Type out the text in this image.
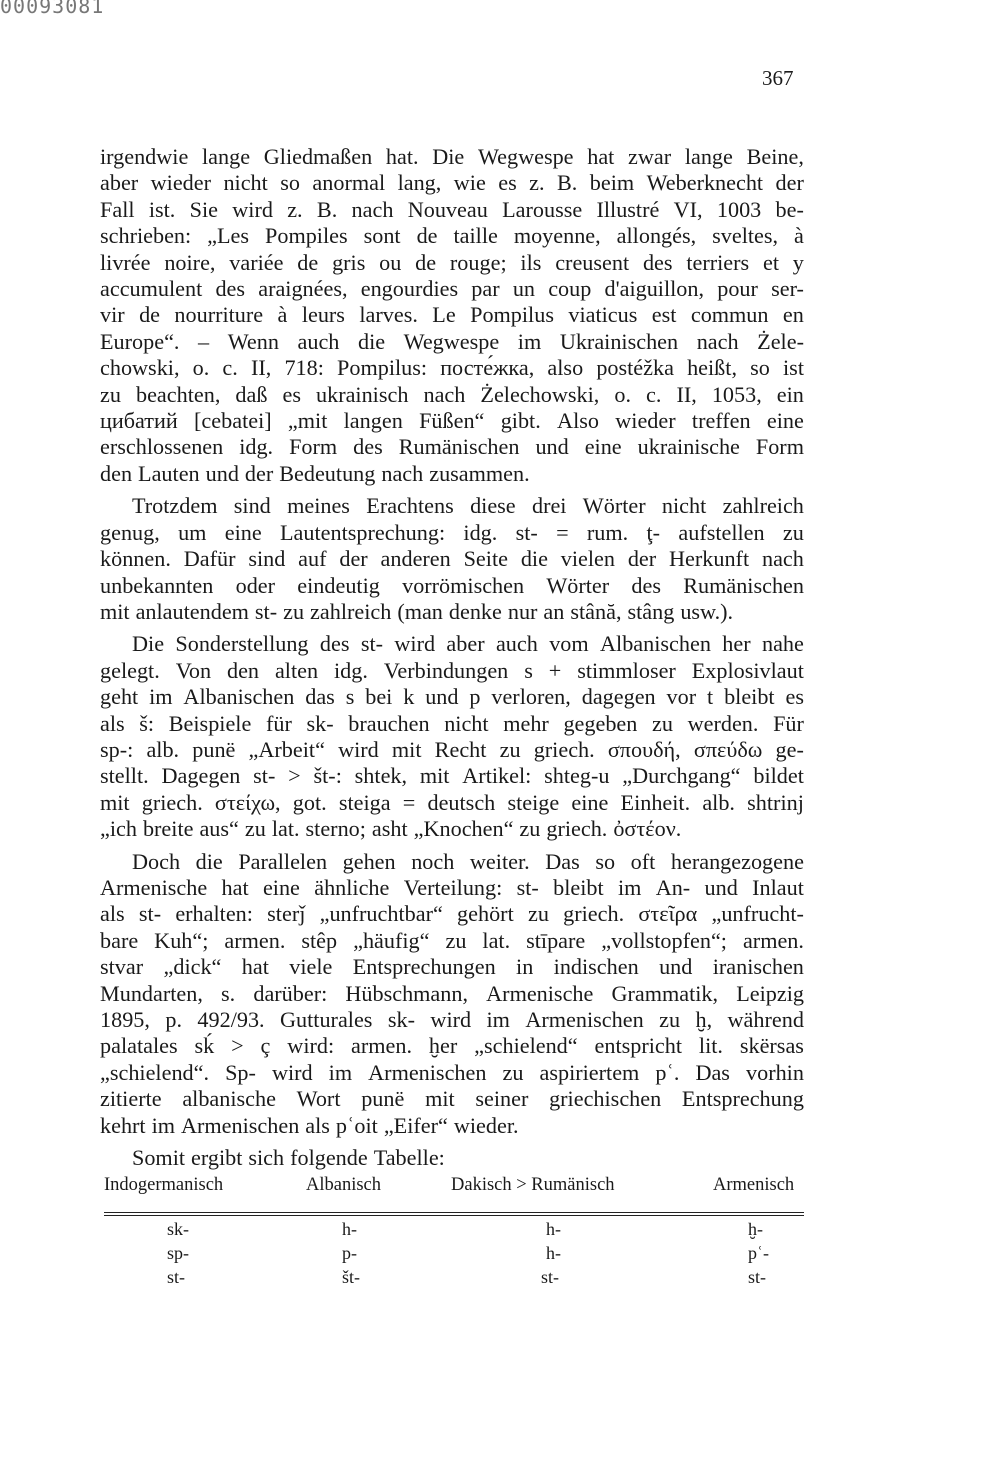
00093081
367
irgendwie lange Gliedmaßen hat. Die Wegwespe hat zwar lange Beine,
aber wieder nicht so anormal lang, wie es z. B. beim Weberknecht der
Fall ist. Sie wird z. B. nach Nouveau Larousse Illustré VI, 1003 be-
schrieben: „Les Pompiles sont de taille moyenne, allongés, sveltes, à
livrée noire, variée de gris ou de rouge; ils creusent des terriers et y
accumulent des araignées, engourdies par un coup d'aiguillon, pour ser-
vir de nourriture à leurs larves. Le Pompilus viaticus est commun en
Europe“. – Wenn auch die Wegwespe im Ukrainischen nach Żele-
chowski, o. c. II, 718: Pompilus: посте́жка, also postéžka heißt, so ist
zu beachten, daß es ukrainisch nach Żelechowski, o. c. II, 1053, ein
цибатий [cebatei] „mit langen Füßen“ gibt. Also wieder treffen eine
erschlossenen idg. Form des Rumänischen und eine ukrainische Form
den Lauten und der Bedeutung nach zusammen.
Trotzdem sind meines Erachtens diese drei Wörter nicht zahlreich
genug, um eine Lautentsprechung: idg. st- = rum. ţ- aufstellen zu
können. Dafür sind auf der anderen Seite die vielen der Herkunft nach
unbekannten oder eindeutig vorrömischen Wörter des Rumänischen
mit anlautendem st- zu zahlreich (man denke nur an stână, stâng usw.).
Die Sonderstellung des st- wird aber auch vom Albanischen her nahe
gelegt. Von den alten idg. Verbindungen s + stimmloser Explosivlaut
geht im Albanischen das s bei k und p verloren, dagegen vor t bleibt es
als š: Beispiele für sk- brauchen nicht mehr gegeben zu werden. Für
sp-: alb. punë „Arbeit“ wird mit Recht zu griech. σπουδή, σπεύδω ge-
stellt. Dagegen st- > št-: shtek, mit Artikel: shteg-u „Durchgang“ bildet
mit griech. στείχω, got. steiga = deutsch steige eine Einheit. alb. shtrinj
„ich breite aus“ zu lat. sterno; asht „Knochen“ zu griech. ὀστέον.
Doch die Parallelen gehen noch weiter. Das so oft herangezogene
Armenische hat eine ähnliche Verteilung: st- bleibt im An- und Inlaut
als st- erhalten: sterǰ „unfruchtbar“ gehört zu griech. στεῖρα „unfrucht-
bare Kuh“; armen. stêp „häufig“ zu lat. stīpare „vollstopfen“; armen.
stvar „dick“ hat viele Entsprechungen in indischen und iranischen
Mundarten, s. darüber: Hübschmann, Armenische Grammatik, Leipzig
1895, p. 492/93. Gutturales sk- wird im Armenischen zu ḫ, während
palatales sḱ > ç wird: armen. ḫer „schielend“ entspricht lit. skërsas
„schielend“. Sp- wird im Armenischen zu aspiriertem pʿ. Das vorhin
zitierte albanische Wort punë mit seiner griechischen Entsprechung
kehrt im Armenischen als pʿoit „Eifer“ wieder.
Somit ergibt sich folgende Tabelle:
Indogermanisch	Albanisch	Dakisch > Rumänisch	Armenisch
sk-	h-	h-	ḫ-
sp-	p-	h-	pʿ-
st-	št-	st-	st-
